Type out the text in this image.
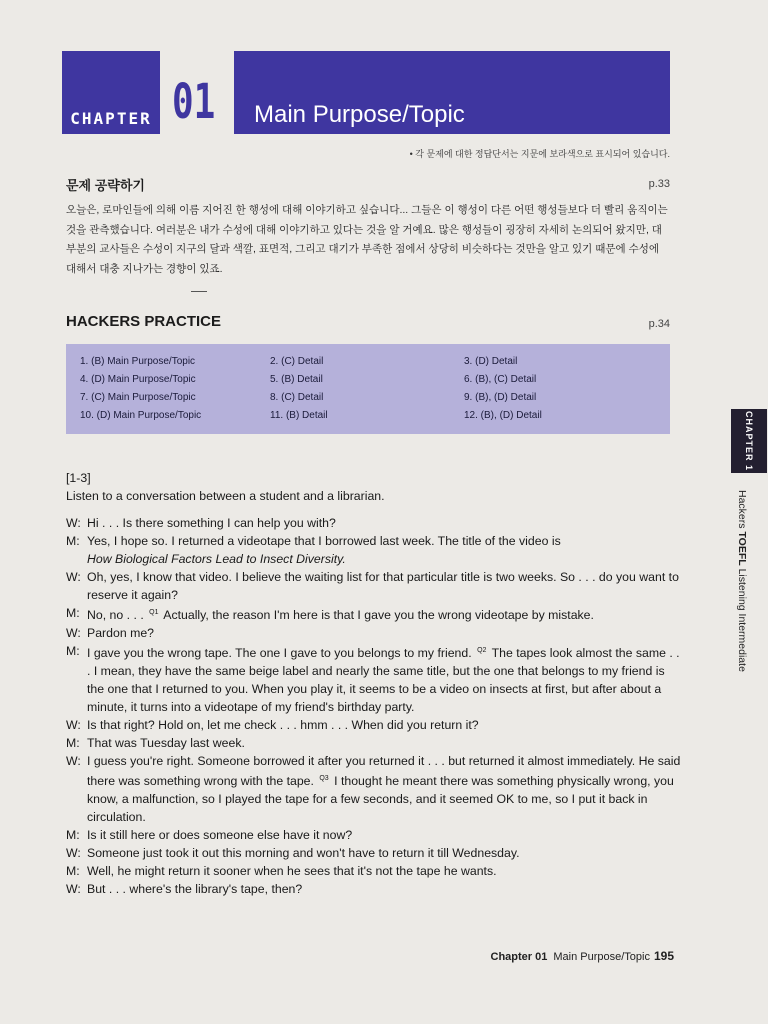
CHAPTER 01 Main Purpose/Topic
• 각 문제에 대한 정답단서는 지문에 보라색으로 표시되어 있습니다.
문제 공략하기	p.33
오늘은, 로마인들에 의해 이름 지어진 한 행성에 대해 이야기하고 싶습니다... 그들은 이 행성이 다른 어떤 행성들보다 더 빨리 움직이는 것을 관측했습니다. 여러분은 내가 수성에 대해 이야기하고 있다는 것을 알 거예요. 많은 행성들이 굉장히 자세히 논의되어 왔지만, 대부분의 교사들은 수성이 지구의 달과 색깔, 표면적, 그리고 대기가 부족한 점에서 상당히 비슷하다는 것만을 알고 있기 때문에 수성에 대해서 대충 지나가는 경향이 있죠.
HACKERS PRACTICE	p.34
1. (B) Main Purpose/Topic	2. (C) Detail	3. (D) Detail
4. (D) Main Purpose/Topic	5. (B) Detail	6. (B), (C) Detail
7. (C) Main Purpose/Topic	8. (C) Detail	9. (B), (D) Detail
10. (D) Main Purpose/Topic	11. (B) Detail	12. (B), (D) Detail

[1-3]

Listen to a conversation between a student and a librarian.

W: Hi . . . Is there something I can help you with?
M: Yes, I hope so. I returned a videotape that I borrowed last week. The title of the video is
How Biological Factors Lead to Insect Diversity.
W: Oh, yes, I know that video. I believe the waiting list for that particular title is two weeks. So . . . do you want to reserve it again?
M: No, no . . . $^{Q1}$ Actually, the reason I'm here is that I gave you the wrong videotape by mistake.
W: Pardon me?
M: I gave you the wrong tape. The one I gave to you belongs to my friend. $^{Q2}$ The tapes look almost the same . . . I mean, they have the same beige label and nearly the same title, but the one that belongs to my friend is the one that I returned to you. When you play it, it seems to be a video on insects at first, but after about a minute, it turns into a videotape of my friend's birthday party.
W: Is that right? Hold on, let me check . . . hmm . . . When did you return it?
M: That was Tuesday last week.
W: I guess you're right. Someone borrowed it after you returned it . . . but returned it almost immediately. He said there was something wrong with the tape. $^{Q3}$ I thought he meant there was something physically wrong, you know, a malfunction, so I played the tape for a few seconds, and it seemed OK to me, so I put it back in circulation.
M: Is it still here or does someone else have it now?
W: Someone just took it out this morning and won't have to return it till Wednesday.
M: Well, he might return it sooner when he sees that it's not the tape he wants.
W: But . . . where's the library's tape, then?
CHAPTER 1
Hackers TOEFL Listening Intermediate
Chapter 01 Main Purpose/Topic 195
